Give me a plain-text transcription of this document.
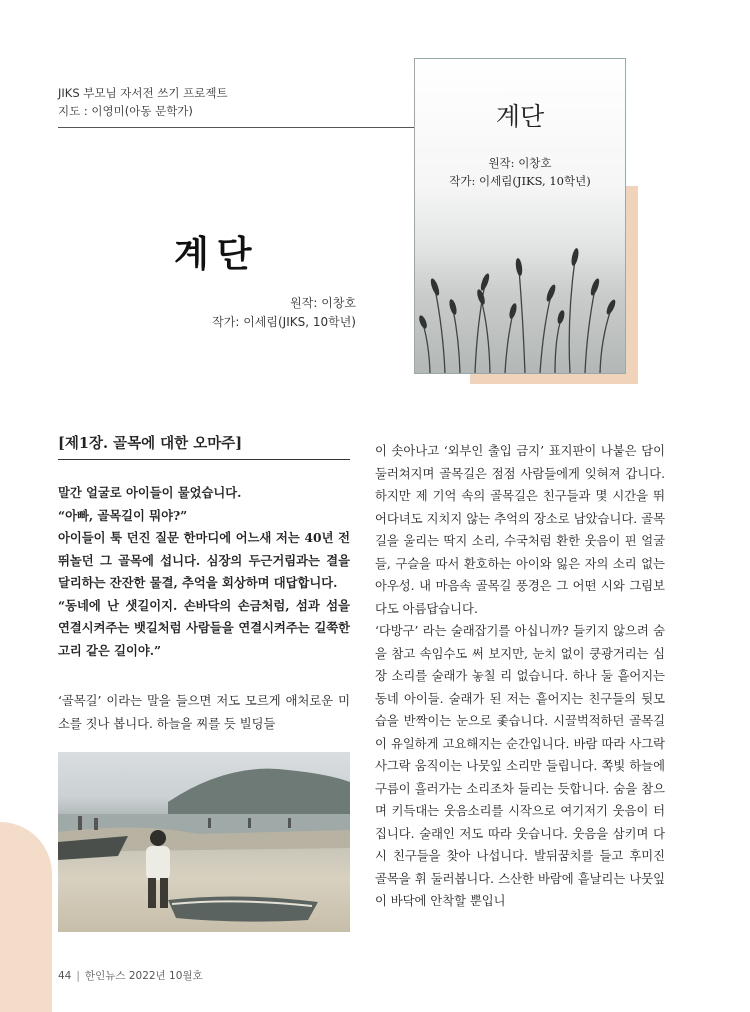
JIKS 부모님 자서전 쓰기 프로젝트
지도 : 이영미(아동 문학가)	계단
원작: 이창호
작가: 이세림(JIKS, 10학년)
계단
원작: 이창호
작가: 이세림(JIKS, 10학년)
[제1장. 골목에 대한 오마주]

말간 얼굴로 아이들이 물었습니다.

“아빠, 골목길이 뭐야?”

아이들이 툭 던진 질문 한마디에 어느새 저는 40년 전 뛰놀던 그 골목에 섭니다. 심장의 두근거림과는 결을 달리하는 잔잔한 물결, 추억을 회상하며 대답합니다.

“동네에 난 샛길이지. 손바닥의 손금처럼, 섬과 섬을 연결시켜주는 뱃길처럼 사람들을 연결시켜주는 길쭉한 고리 같은 길이야.”

‘골목길’ 이라는 말을 들으면 저도 모르게 애처로운 미소를 짓나 봅니다. 하늘을 찌를 듯 빌딩들

이 솟아나고 ‘외부인 출입 금지’ 표지판이 나붙은 담이 둘러쳐지며 골목길은 점점 사람들에게 잊혀져 갑니다. 하지만 제 기억 속의 골목길은 친구들과 몇 시간을 뛰어다녀도 지치지 않는 추억의 장소로 남았습니다. 골목길을 울리는 딱지 소리, 수국처럼 환한 웃음이 핀 얼굴들, 구슬을 따서 환호하는 아이와 잃은 자의 소리 없는 아우성. 내 마음속 골목길 풍경은 그 어떤 시와 그림보다도 아름답습니다.

‘다방구’ 라는 술래잡기를 아십니까? 들키지 않으려 숨을 참고 속임수도 써 보지만, 눈치 없이 쿵광거리는 심장 소리를 술래가 놓칠 리 없습니다. 하나 둘 흩어지는 동네 아이들. 술래가 된 저는 흩어지는 친구들의 뒷모습을 반짝이는 눈으로 좇습니다. 시끌벅적하던 골목길이 유일하게 고요해지는 순간입니다. 바람 따라 사그락사그락 움직이는 나뭇잎 소리만 들립니다. 쪽빛 하늘에 구름이 흘러가는 소리조차 들리는 듯합니다. 숨을 참으며 키득대는 웃음소리를 시작으로 여기저기 웃음이 터집니다. 술래인 저도 따라 웃습니다. 웃음을 삼키며 다시 친구들을 찾아 나섭니다. 발뒤꿈치를 들고 후미진 골목을 휘 둘러봅니다. 스산한 바람에 흩날리는 나뭇잎이 바닥에 안착할 뿐입니

44 | 한인뉴스 2022년 10월호
